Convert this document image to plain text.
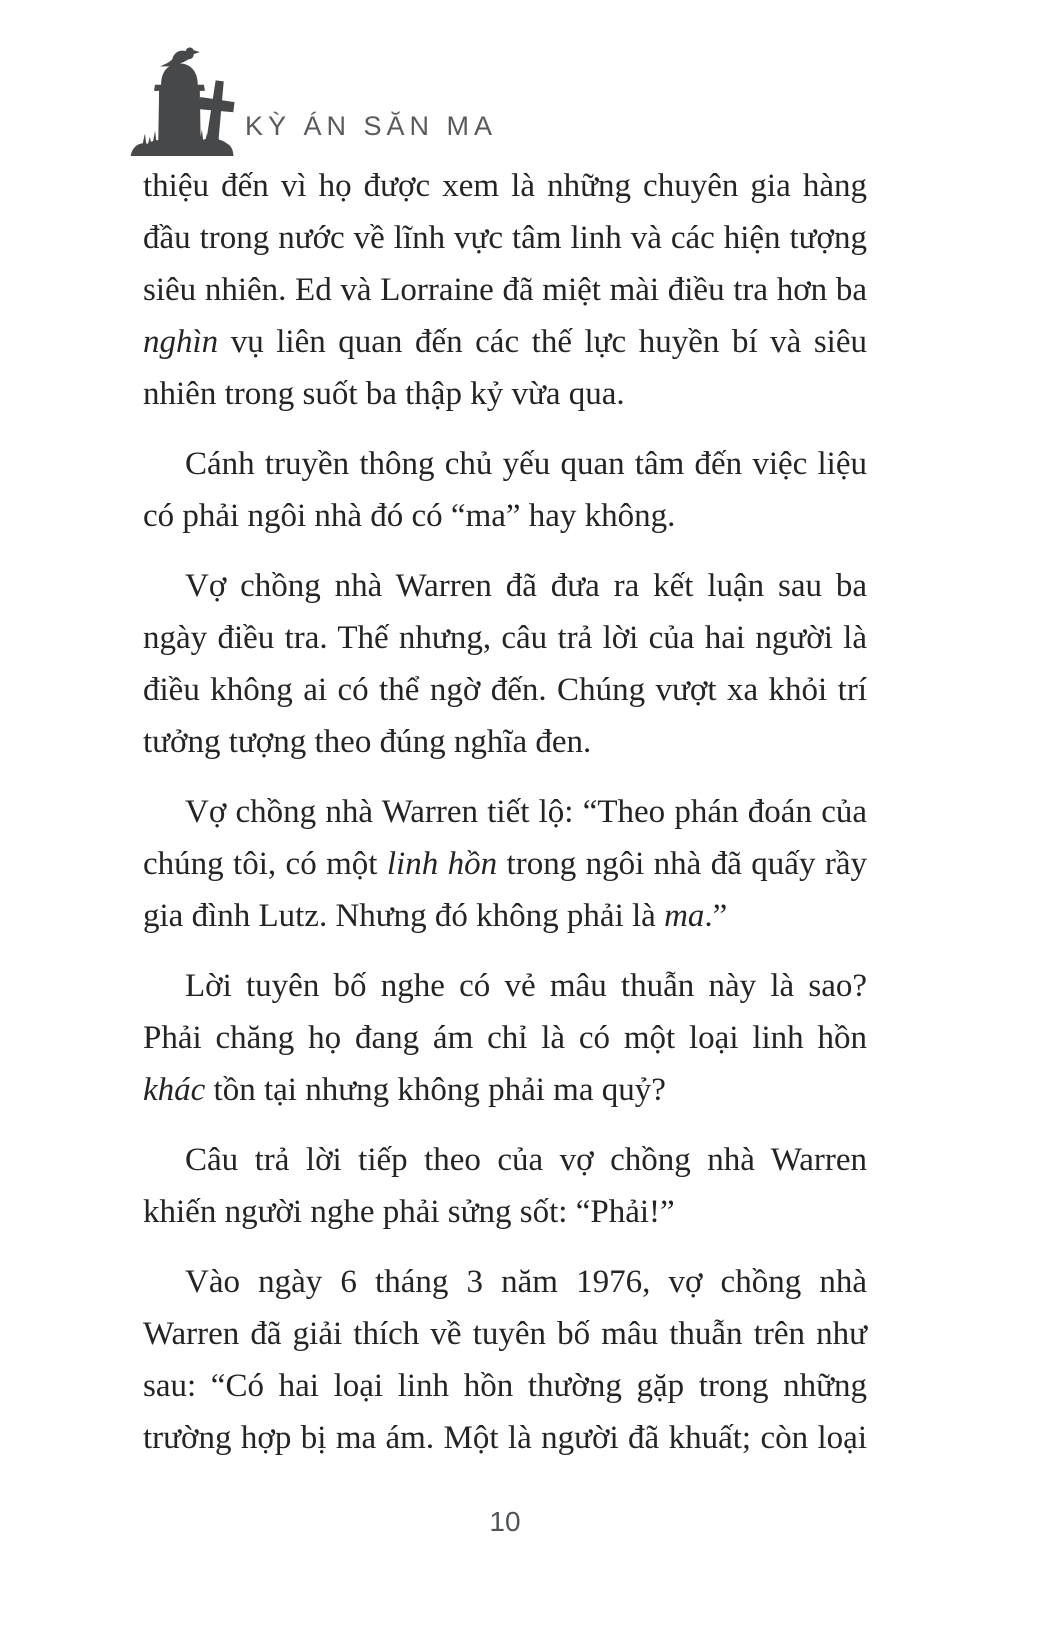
KỲ ÁN SĂN MA

thiệu đến vì họ được xem là những chuyên gia hàng đầu trong nước về lĩnh vực tâm linh và các hiện tượng siêu nhiên. Ed và Lorraine đã miệt mài điều tra hơn ba nghìn vụ liên quan đến các thế lực huyền bí và siêu nhiên trong suốt ba thập kỷ vừa qua.

Cánh truyền thông chủ yếu quan tâm đến việc liệu có phải ngôi nhà đó có “ma” hay không.

Vợ chồng nhà Warren đã đưa ra kết luận sau ba ngày điều tra. Thế nhưng, câu trả lời của hai người là điều không ai có thể ngờ đến. Chúng vượt xa khỏi trí tưởng tượng theo đúng nghĩa đen.

Vợ chồng nhà Warren tiết lộ: “Theo phán đoán của chúng tôi, có một linh hồn trong ngôi nhà đã quấy rầy gia đình Lutz. Nhưng đó không phải là ma.”

Lời tuyên bố nghe có vẻ mâu thuẫn này là sao? Phải chăng họ đang ám chỉ là có một loại linh hồn khác tồn tại nhưng không phải ma quỷ?

Câu trả lời tiếp theo của vợ chồng nhà Warren khiến người nghe phải sửng sốt: “Phải!”

Vào ngày 6 tháng 3 năm 1976, vợ chồng nhà Warren đã giải thích về tuyên bố mâu thuẫn trên như sau: “Có hai loại linh hồn thường gặp trong những trường hợp bị ma ám. Một là người đã khuất; còn loại

10
